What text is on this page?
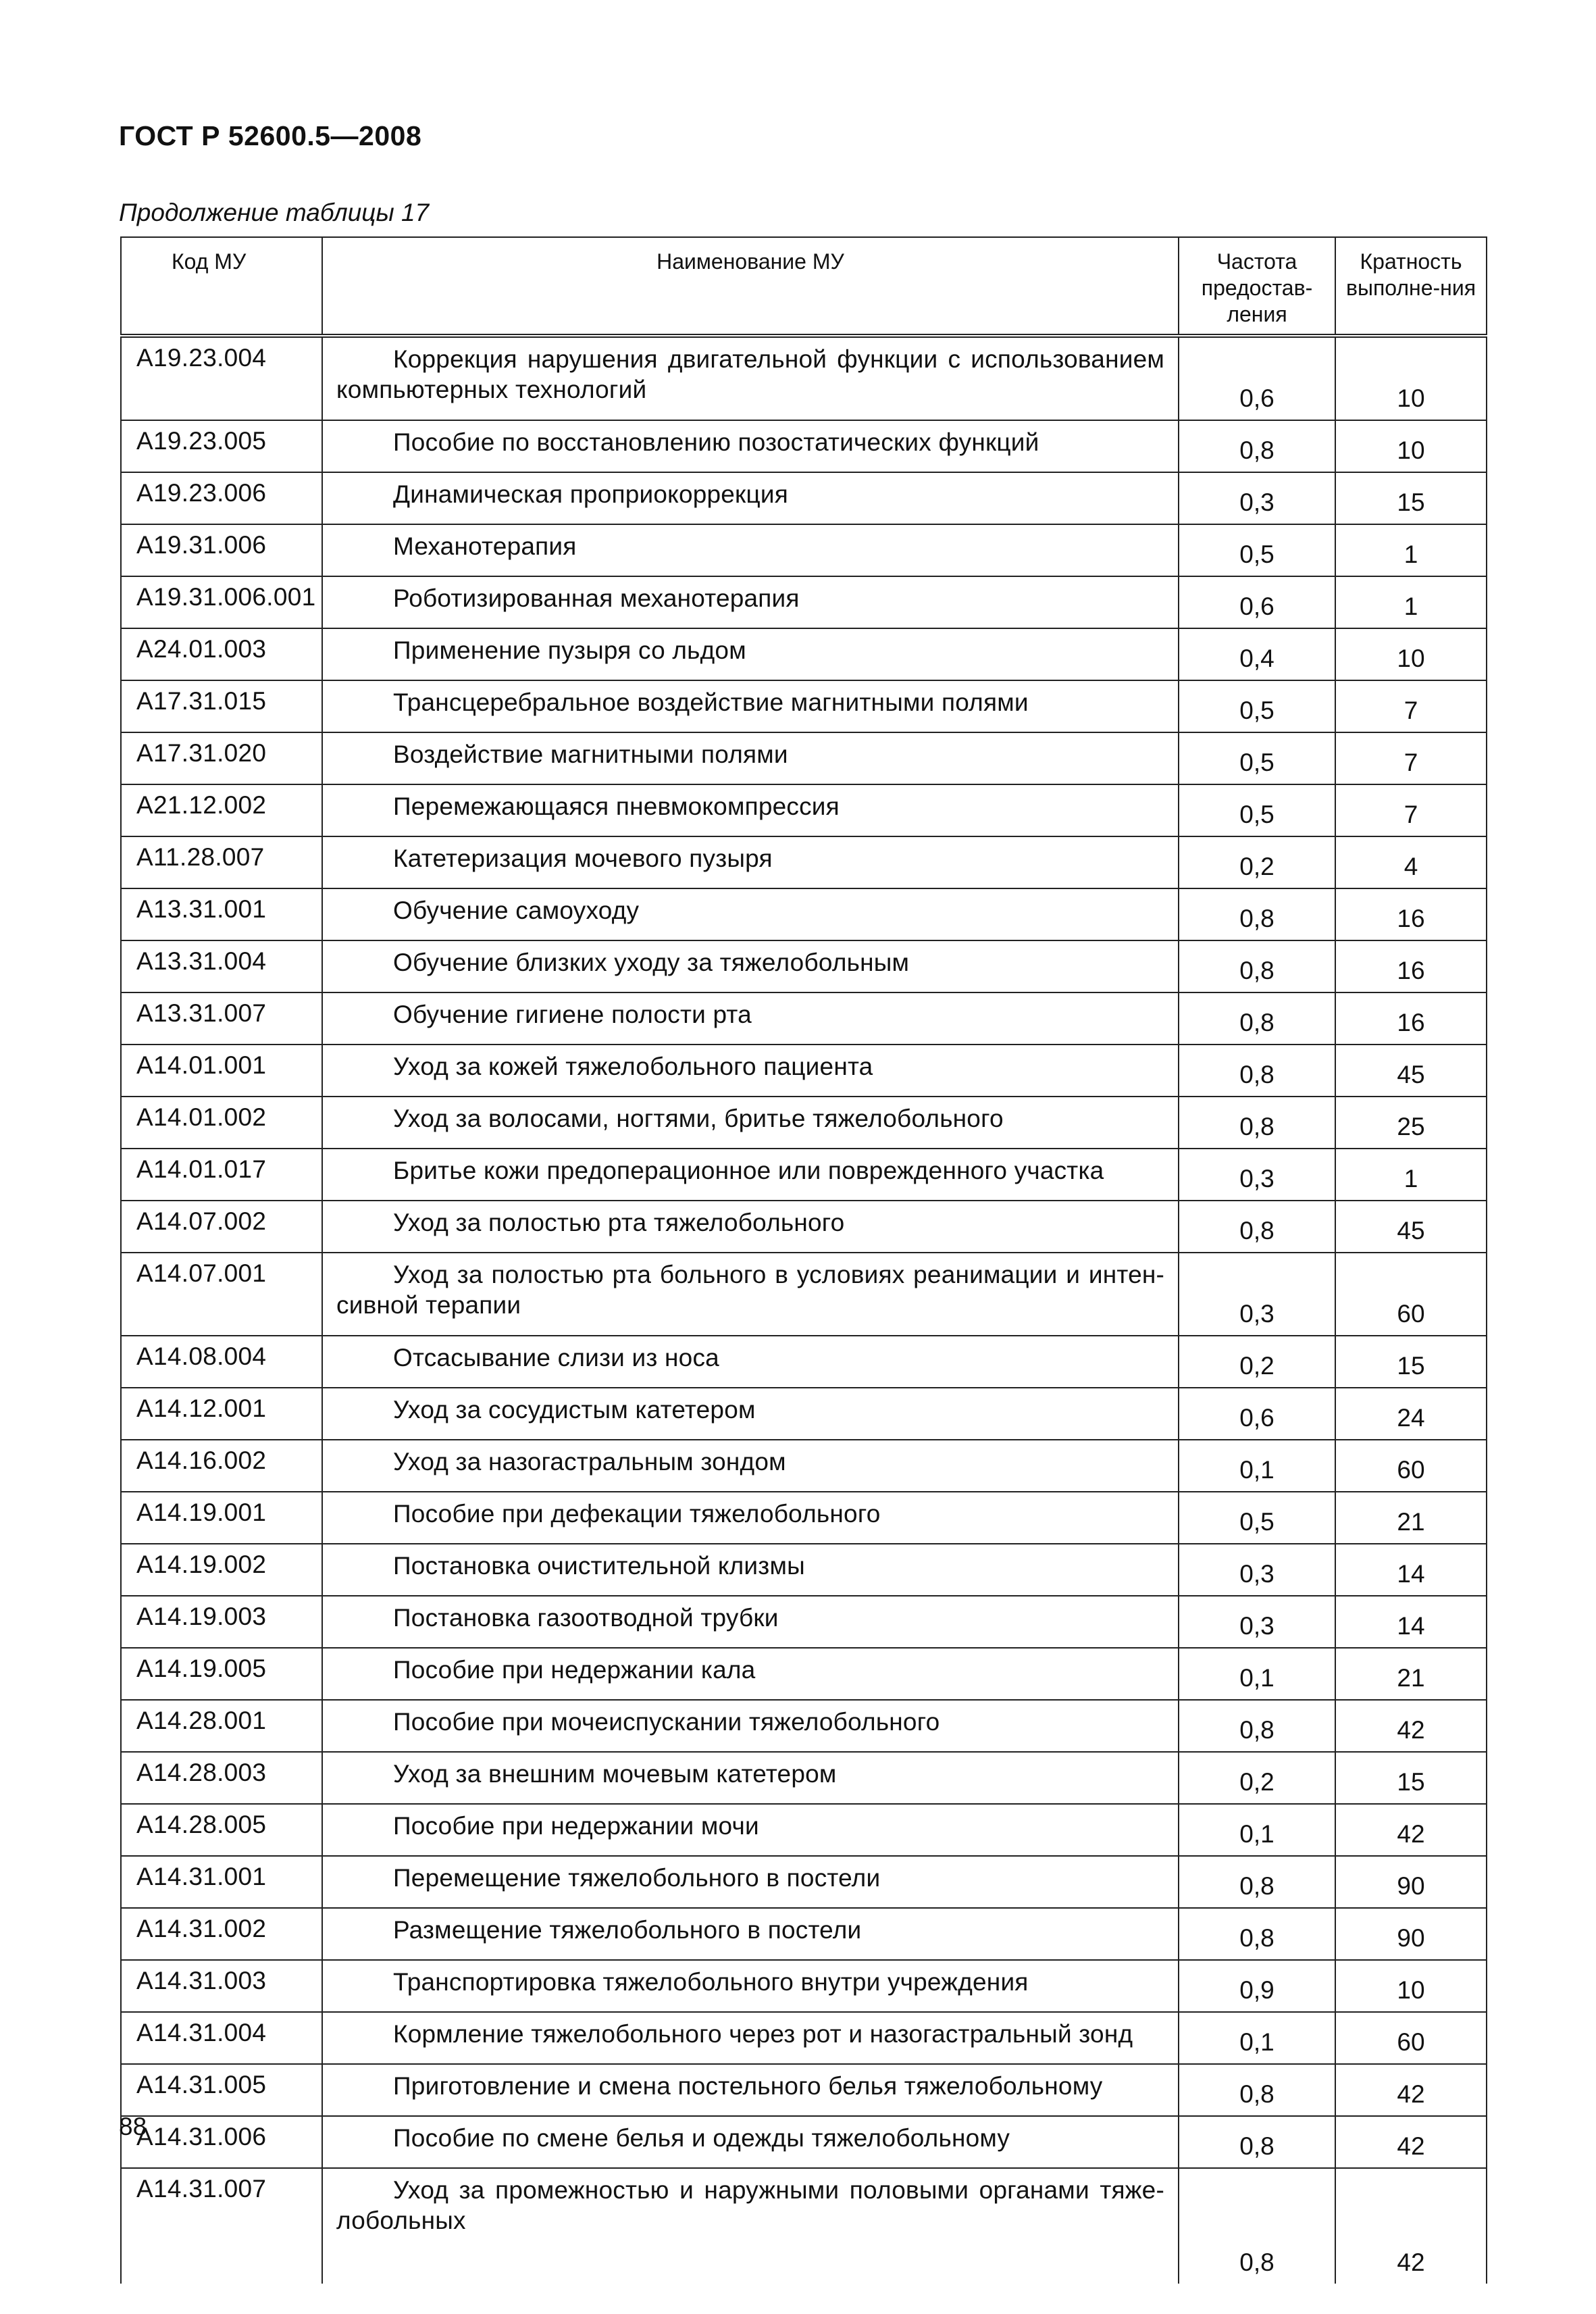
ГОСТ Р 52600.5—2008
Продолжение таблицы 17
Код МУ	Наименование МУ	Частота предостав-ления	Кратность выполне-ния

A19.23.004	Коррекция нарушения двигательной функции с использованием компьютерных технологий	0,6	10

A19.23.005	Пособие по восстановлению позостатических функций	0,8	10

A19.23.006	Динамическая проприокоррекция	0,3	15

A19.31.006	Механотерапия	0,5	1

A19.31.006.001	Роботизированная механотерапия	0,6	1

A24.01.003	Применение пузыря со льдом	0,4	10

A17.31.015	Трансцеребральное воздействие магнитными полями	0,5	7

A17.31.020	Воздействие магнитными полями	0,5	7

A21.12.002	Перемежающаяся пневмокомпрессия	0,5	7

A11.28.007	Катетеризация мочевого пузыря	0,2	4

A13.31.001	Обучение самоуходу	0,8	16

A13.31.004	Обучение близких уходу за тяжелобольным	0,8	16

A13.31.007	Обучение гигиене полости рта	0,8	16

A14.01.001	Уход за кожей тяжелобольного пациента	0,8	45

A14.01.002	Уход за волосами, ногтями, бритье тяжелобольного	0,8	25

A14.01.017	Бритье кожи предоперационное или поврежденного участка	0,3	1

A14.07.002	Уход за полостью рта тяжелобольного	0,8	45

A14.07.001	Уход за полостью рта больного в условиях реанимации и интен-сивной терапии	0,3	60

A14.08.004	Отсасывание слизи из носа	0,2	15

A14.12.001	Уход за сосудистым катетером	0,6	24

A14.16.002	Уход за назогастральным зондом	0,1	60

A14.19.001	Пособие при дефекации тяжелобольного	0,5	21

A14.19.002	Постановка очистительной клизмы	0,3	14

A14.19.003	Постановка газоотводной трубки	0,3	14

A14.19.005	Пособие при недержании кала	0,1	21

A14.28.001	Пособие при мочеиспускании тяжелобольного	0,8	42

A14.28.003	Уход за внешним мочевым катетером	0,2	15

A14.28.005	Пособие при недержании мочи	0,1	42

A14.31.001	Перемещение тяжелобольного в постели	0,8	90

A14.31.002	Размещение тяжелобольного в постели	0,8	90

A14.31.003	Транспортировка тяжелобольного внутри учреждения	0,9	10

A14.31.004	Кормление тяжелобольного через рот и назогастральный зонд	0,1	60

A14.31.005	Приготовление и смена постельного белья тяжелобольному	0,8	42

A14.31.006	Пособие по смене белья и одежды тяжелобольному	0,8	42

A14.31.007	Уход за промежностью и наружными половыми органами тяже-лобольных	0,8	42
88
